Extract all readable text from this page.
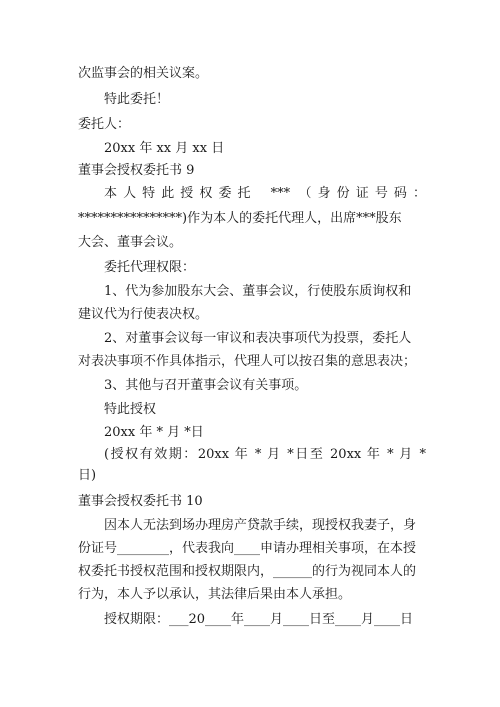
次监事会的相关议案。
特此委托！
委托人：
20xx 年 xx 月 xx 日
董事会授权委托书 9
本 人 特 此 授 权 委 托　 ***　（ 身 份 证 号 码 ：
****************)作为本人的委托代理人，出席***股东
大会、董事会议。
委托代理权限：
1、代为参加股东大会、董事会议，行使股东质询权和
建议代为行使表决权。
2、对董事会议每一审议和表决事项代为投票，委托人
对表决事项不作具体指示，代理人可以按召集的意思表决；
3、其他与召开董事会议有关事项。
特此授权
20xx 年 * 月 *日
(授权有效期：20xx 年 * 月 *日至 20xx 年 * 月 *
日)
董事会授权委托书 10
因本人无法到场办理房产贷款手续，现授权我妻子，身
份证号________，代表我向____申请办理相关事项，在本授
权委托书授权范围和授权期限内，______的行为视同本人的
行为，本人予以承认，其法律后果由本人承担。
授权期限：___20____年____月____日至____月____日
